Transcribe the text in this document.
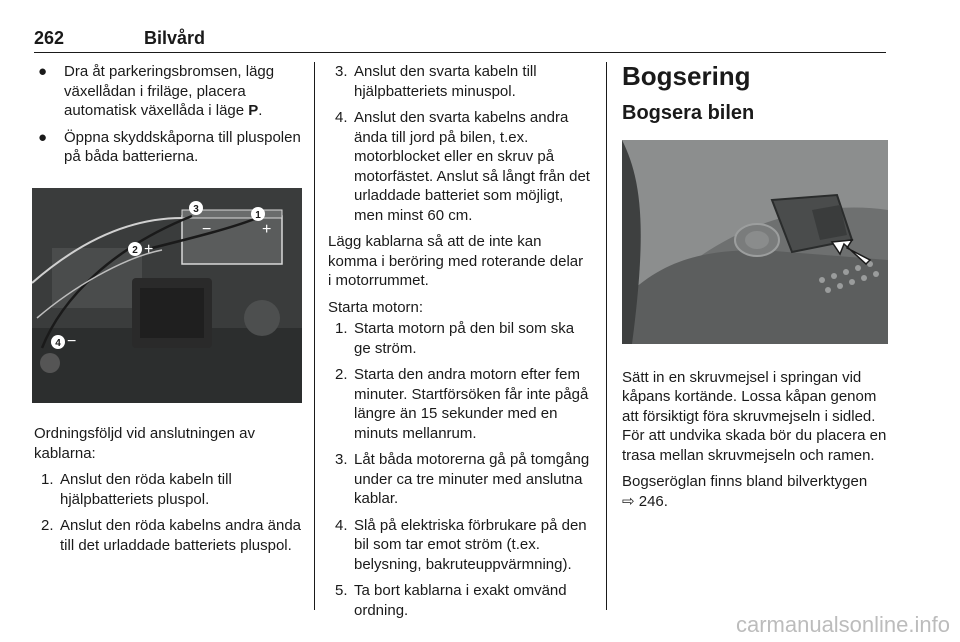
262	Bilvård
● Dra åt parkeringsbromsen, lägg växellådan i friläge, placera automatisk växellåda i läge P.
● Öppna skyddskåporna till pluspolen på båda batterierna.
3
−
1
+
2 +
4 −

Ordningsföljd vid anslutningen av kablarna:

1. Anslut den röda kabeln till hjälpbatteriets pluspol.
2. Anslut den röda kabelns andra ända till det urladdade batteriets pluspol.
3. Anslut den svarta kabeln till hjälpbatteriets minuspol.
4. Anslut den svarta kabelns andra ända till jord på bilen, t.ex. motorblocket eller en skruv på motorfästet. Anslut så långt från det urladdade batteriet som möjligt, men minst 60 cm.

Lägg kablarna så att de inte kan komma i beröring med roterande delar i motorrummet.

Starta motorn:

1. Starta motorn på den bil som ska ge ström.
2. Starta den andra motorn efter fem minuter. Startförsöken får inte pågå längre än 15 sekunder med en minuts mellanrum.
3. Låt båda motorerna gå på tomgång under ca tre minuter med anslutna kablar.
4. Slå på elektriska förbrukare på den bil som tar emot ström (t.ex. belysning, bakruteuppvärmning).
5. Ta bort kablarna i exakt omvänd ordning.
Bogsering
Bogsera bilen

Sätt in en skruvmejsel i springan vid kåpans kortände. Lossa kåpan genom att försiktigt föra skruvmejseln i sidled. För att undvika skada bör du placera en trasa mellan skruvmejseln och ramen.

Bogseröglan finns bland bilverktygen
⇨ 246.

carmanualsonline.info
